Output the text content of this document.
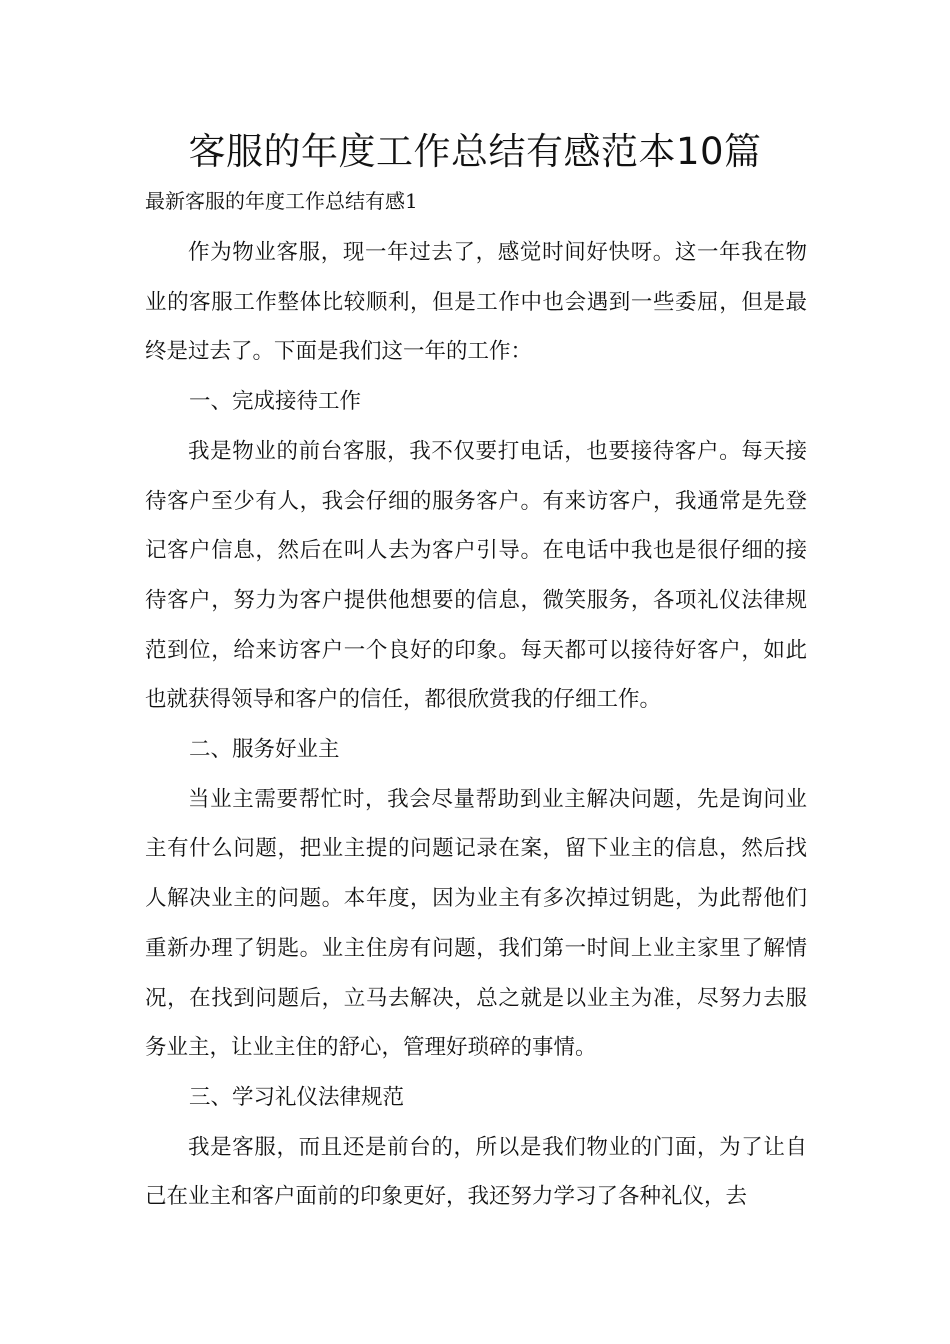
客服的年度工作总结有感范本10篇
最新客服的年度工作总结有感1

作为物业客服，现一年过去了，感觉时间好快呀。这一年我在物业的客服工作整体比较顺利，但是工作中也会遇到一些委屈，但是最终是过去了。下面是我们这一年的工作：

一、完成接待工作

我是物业的前台客服，我不仅要打电话，也要接待客户。每天接待客户至少有人，我会仔细的服务客户。有来访客户，我通常是先登记客户信息，然后在叫人去为客户引导。在电话中我也是很仔细的接待客户，努力为客户提供他想要的信息，微笑服务，各项礼仪法律规范到位，给来访客户一个良好的印象。每天都可以接待好客户，如此也就获得领导和客户的信任，都很欣赏我的仔细工作。

二、服务好业主

当业主需要帮忙时，我会尽量帮助到业主解决问题，先是询问业主有什么问题，把业主提的问题记录在案，留下业主的信息，然后找人解决业主的问题。本年度，因为业主有多次掉过钥匙，为此帮他们重新办理了钥匙。业主住房有问题，我们第一时间上业主家里了解情况，在找到问题后，立马去解决，总之就是以业主为准，尽努力去服务业主，让业主住的舒心，管理好琐碎的事情。

三、学习礼仪法律规范

我是客服，而且还是前台的，所以是我们物业的门面，为了让自己在业主和客户面前的印象更好，我还努力学习了各种礼仪，去
